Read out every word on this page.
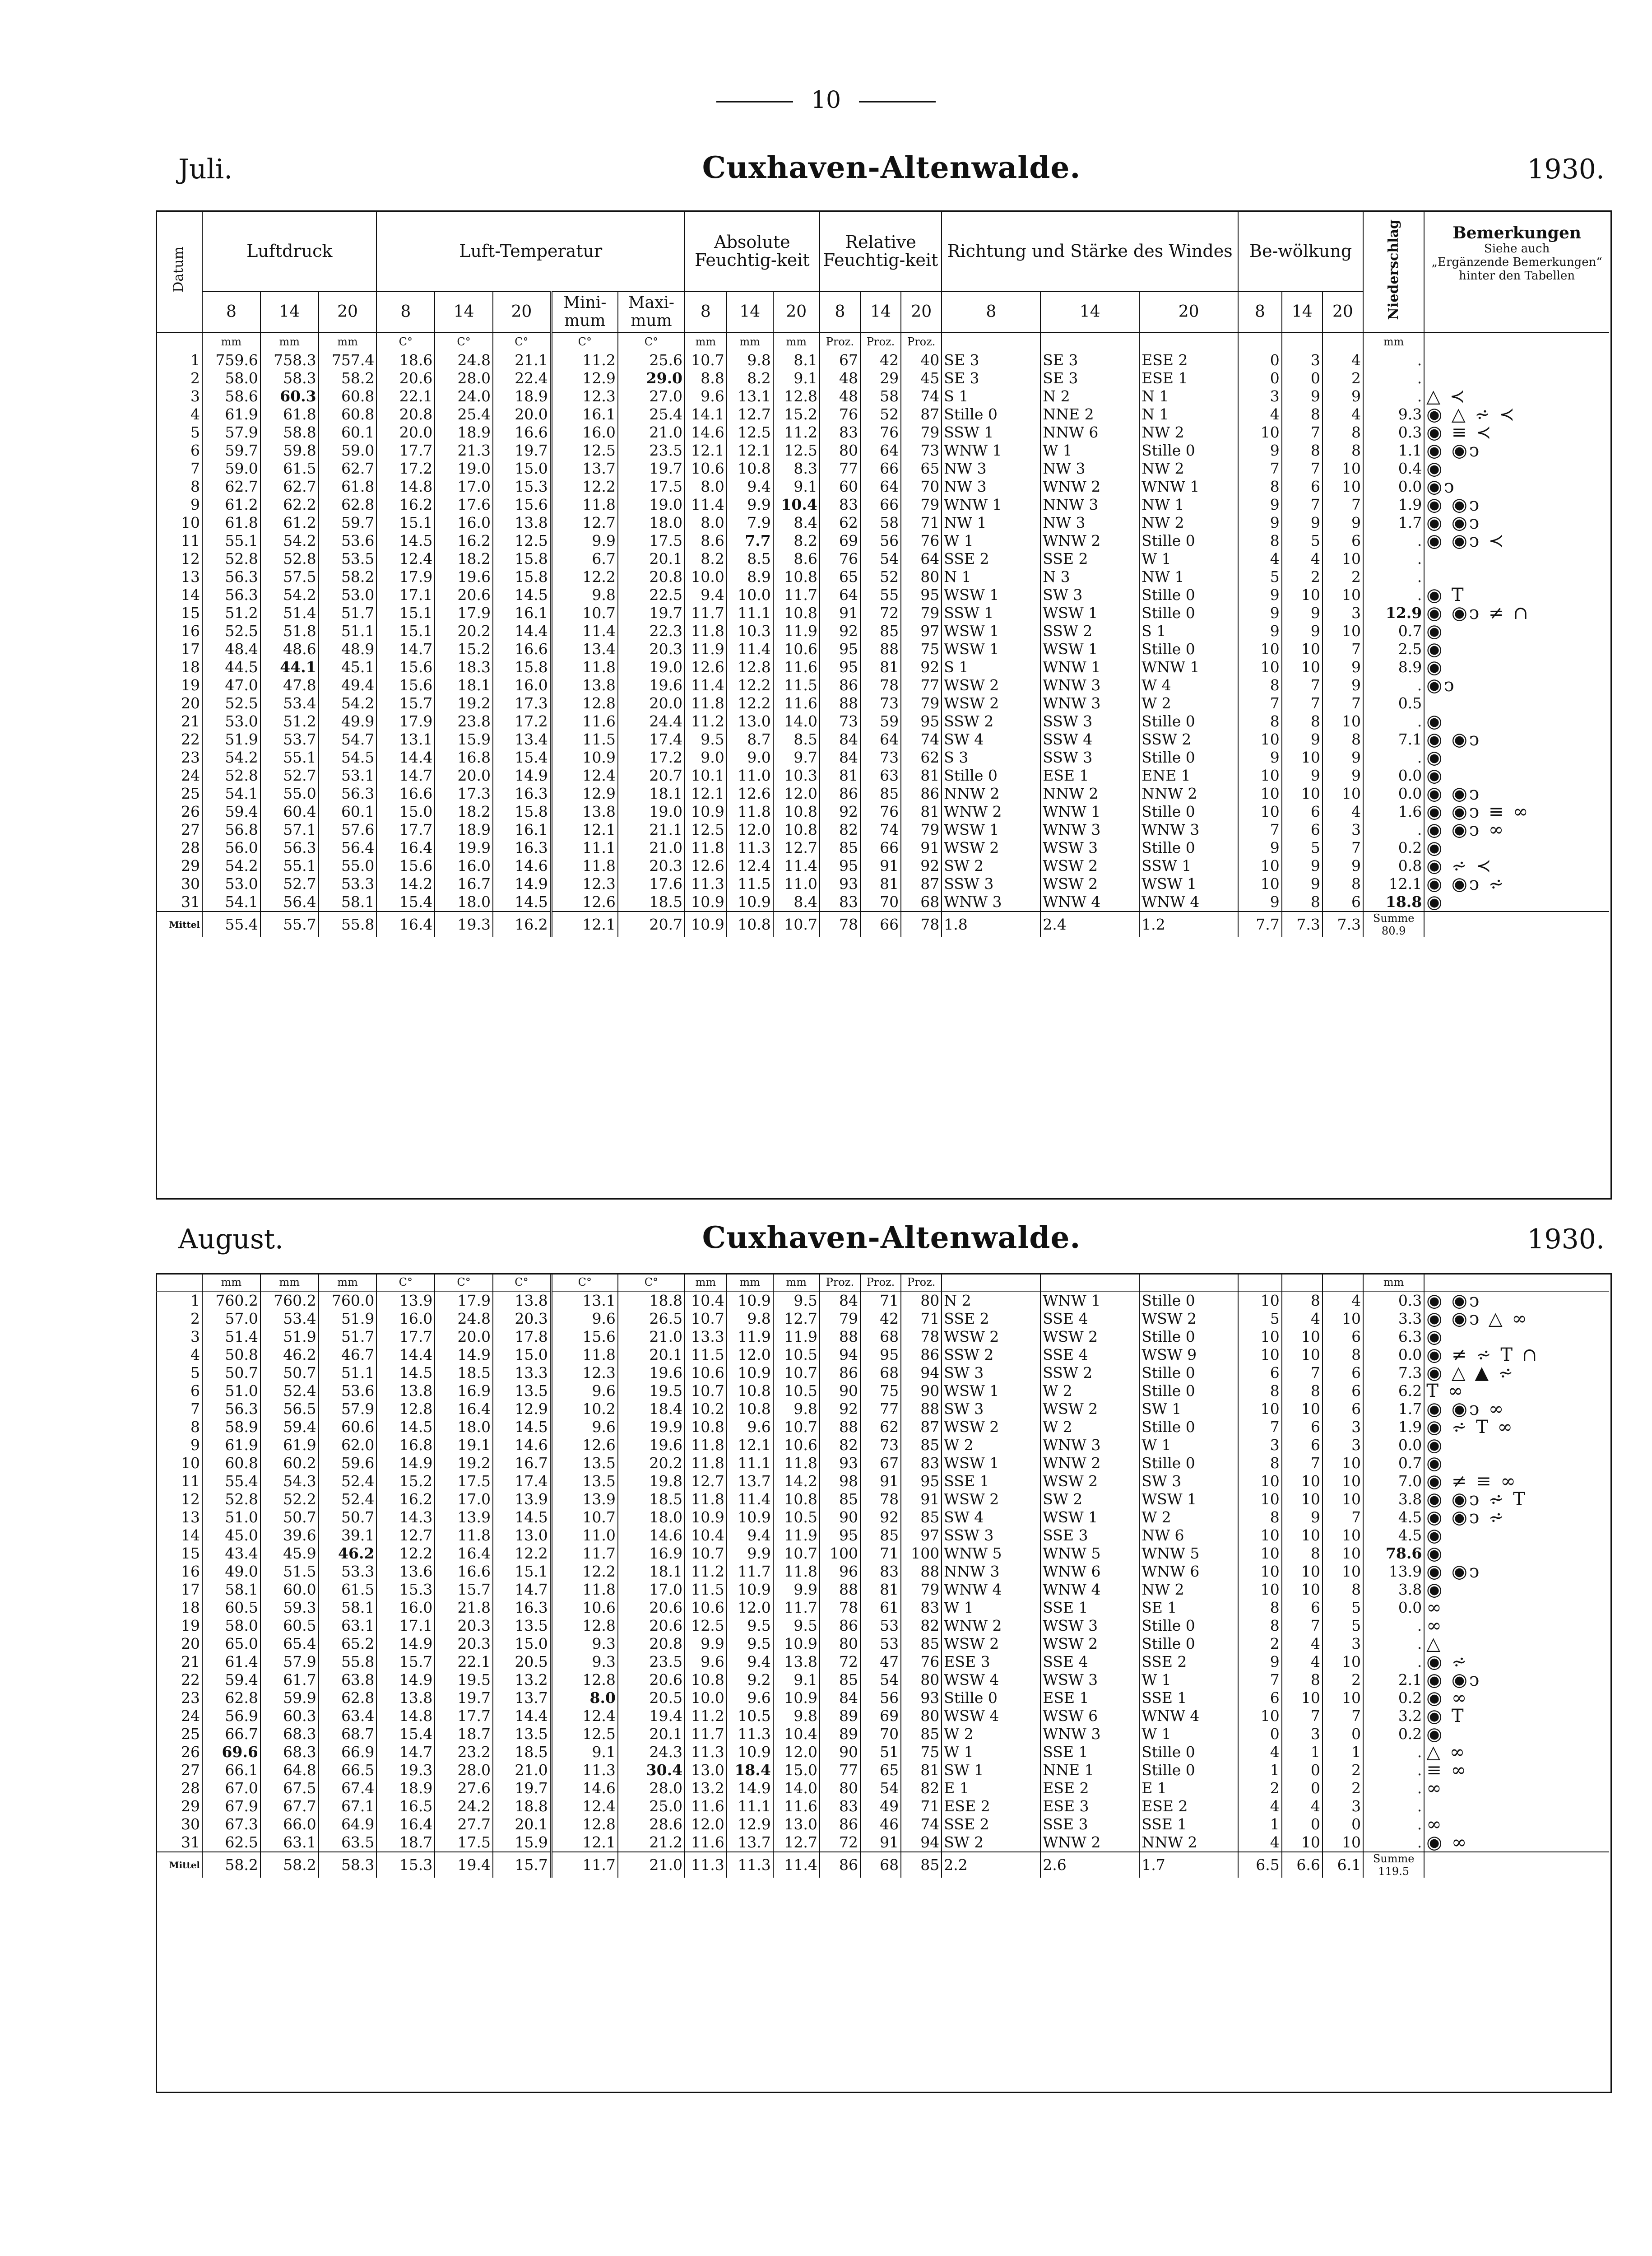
10
Juli.	Cuxhaven-Altenwalde.	1930.
Datum	Luftdruck			Luft-Temperatur					Absolute Feuchtig-keit			Relative Feuchtig-keit			Richtung und Stärke des Windes			Be-wölkung			Niederschlag	Bemerkungen
Siehe auch
„Ergänzende Bemerkungen“
hinter den Tabellen

	8	14	20	8	14	20	Mini-mum	Maxi-mum	8	14	20	8	14	20	8	14	20	8	14	20		
	mm	mm	mm	C°	C°	C°	C°	C°	mm	mm	mm	Proz.	Proz.	Proz.							mm	
1	759.6	758.3	757.4	18.6	24.8	21.1	11.2	25.6	10.7	9.8	8.1	67	42	40	SE 3	SE 3	ESE 2	0	3	4	.	
2	58.0	58.3	58.2	20.6	28.0	22.4	12.9	29.0	8.8	8.2	9.1	48	29	45	SE 3	SE 3	ESE 1	0	0	2	.	
3	58.6	60.3	60.8	22.1	24.0	18.9	12.3	27.0	9.6	13.1	12.8	48	58	74	S 1	N 2	N 1	3	9	9	.	△ ≺
4	61.9	61.8	60.8	20.8	25.4	20.0	16.1	25.4	14.1	12.7	15.2	76	52	87	Stille 0	NNE 2	N 1	4	8	4	9.3	◉ △ ⩫ ≺
5	57.9	58.8	60.1	20.0	18.9	16.6	16.0	21.0	14.6	12.5	11.2	83	76	79	SSW 1	NNW 6	NW 2	10	7	8	0.3	◉ ≡ ≺
6	59.7	59.8	59.0	17.7	21.3	19.7	12.5	23.5	12.1	12.1	12.5	80	64	73	WNW 1	W 1	Stille 0	9	8	8	1.1	◉ ◉ↄ
7	59.0	61.5	62.7	17.2	19.0	15.0	13.7	19.7	10.6	10.8	8.3	77	66	65	NW 3	NW 3	NW 2	7	7	10	0.4	◉
8	62.7	62.7	61.8	14.8	17.0	15.3	12.2	17.5	8.0	9.4	9.1	60	64	70	NW 3	WNW 2	WNW 1	8	6	10	0.0	◉ↄ
9	61.2	62.2	62.8	16.2	17.6	15.6	11.8	19.0	11.4	9.9	10.4	83	66	79	WNW 1	NNW 3	NW 1	9	7	7	1.9	◉ ◉ↄ
10	61.8	61.2	59.7	15.1	16.0	13.8	12.7	18.0	8.0	7.9	8.4	62	58	71	NW 1	NW 3	NW 2	9	9	9	1.7	◉ ◉ↄ
11	55.1	54.2	53.6	14.5	16.2	12.5	9.9	17.5	8.6	7.7	8.2	69	56	76	W 1	WNW 2	Stille 0	8	5	6	.	◉ ◉ↄ ≺
12	52.8	52.8	53.5	12.4	18.2	15.8	6.7	20.1	8.2	8.5	8.6	76	54	64	SSE 2	SSE 2	W 1	4	4	10	.	
13	56.3	57.5	58.2	17.9	19.6	15.8	12.2	20.8	10.0	8.9	10.8	65	52	80	N 1	N 3	NW 1	5	2	2	.	
14	56.3	54.2	53.0	17.1	20.6	14.5	9.8	22.5	9.4	10.0	11.7	64	55	95	WSW 1	SW 3	Stille 0	9	10	10	.	◉ T
15	51.2	51.4	51.7	15.1	17.9	16.1	10.7	19.7	11.7	11.1	10.8	91	72	79	SSW 1	WSW 1	Stille 0	9	9	3	12.9	◉ ◉ↄ ≠ ∩
16	52.5	51.8	51.1	15.1	20.2	14.4	11.4	22.3	11.8	10.3	11.9	92	85	97	WSW 1	SSW 2	S 1	9	9	10	0.7	◉
17	48.4	48.6	48.9	14.7	15.2	16.6	13.4	20.3	11.9	11.4	10.6	95	88	75	WSW 1	WSW 1	Stille 0	10	10	7	2.5	◉
18	44.5	44.1	45.1	15.6	18.3	15.8	11.8	19.0	12.6	12.8	11.6	95	81	92	S 1	WNW 1	WNW 1	10	10	9	8.9	◉
19	47.0	47.8	49.4	15.6	18.1	16.0	13.8	19.6	11.4	12.2	11.5	86	78	77	WSW 2	WNW 3	W 4	8	7	9	.	◉ↄ
20	52.5	53.4	54.2	15.7	19.2	17.3	12.8	20.0	11.8	12.2	11.6	88	73	79	WSW 2	WNW 3	W 2	7	7	7	0.5	
21	53.0	51.2	49.9	17.9	23.8	17.2	11.6	24.4	11.2	13.0	14.0	73	59	95	SSW 2	SSW 3	Stille 0	8	8	10	.	◉
22	51.9	53.7	54.7	13.1	15.9	13.4	11.5	17.4	9.5	8.7	8.5	84	64	74	SW 4	SSW 4	SSW 2	10	9	8	7.1	◉ ◉ↄ
23	54.2	55.1	54.5	14.4	16.8	15.4	10.9	17.2	9.0	9.0	9.7	84	73	62	S 3	SSW 3	Stille 0	9	10	9	.	◉
24	52.8	52.7	53.1	14.7	20.0	14.9	12.4	20.7	10.1	11.0	10.3	81	63	81	Stille 0	ESE 1	ENE 1	10	9	9	0.0	◉
25	54.1	55.0	56.3	16.6	17.3	16.3	12.9	18.1	12.1	12.6	12.0	86	85	86	NNW 2	NNW 2	NNW 2	10	10	10	0.0	◉ ◉ↄ
26	59.4	60.4	60.1	15.0	18.2	15.8	13.8	19.0	10.9	11.8	10.8	92	76	81	WNW 2	WNW 1	Stille 0	10	6	4	1.6	◉ ◉ↄ ≡ ∞
27	56.8	57.1	57.6	17.7	18.9	16.1	12.1	21.1	12.5	12.0	10.8	82	74	79	WSW 1	WNW 3	WNW 3	7	6	3	.	◉ ◉ↄ ∞
28	56.0	56.3	56.4	16.4	19.9	16.3	11.1	21.0	11.8	11.3	12.7	85	66	91	WSW 2	WSW 3	Stille 0	9	5	7	0.2	◉
29	54.2	55.1	55.0	15.6	16.0	14.6	11.8	20.3	12.6	12.4	11.4	95	91	92	SW 2	WSW 2	SSW 1	10	9	9	0.8	◉ ⩫ ≺
30	53.0	52.7	53.3	14.2	16.7	14.9	12.3	17.6	11.3	11.5	11.0	93	81	87	SSW 3	WSW 2	WSW 1	10	9	8	12.1	◉ ◉ↄ ⩫
31	54.1	56.4	58.1	15.4	18.0	14.5	12.6	18.5	10.9	10.9	8.4	83	70	68	WNW 3	WNW 4	WNW 4	9	8	6	18.8	◉
Mittel	55.4	55.7	55.8	16.4	19.3	16.2	12.1	20.7	10.9	10.8	10.7	78	66	78	1.8	2.4	1.2	7.7	7.3	7.3	Summe 80.9	
August.	Cuxhaven-Altenwalde.	1930.
	mm	mm	mm	C°	C°	C°	C°	C°	mm	mm	mm	Proz.	Proz.	Proz.							mm	
1	760.2	760.2	760.0	13.9	17.9	13.8	13.1	18.8	10.4	10.9	9.5	84	71	80	N 2	WNW 1	Stille 0	10	8	4	0.3	◉ ◉ↄ
2	57.0	53.4	51.9	16.0	24.8	20.3	9.6	26.5	10.7	9.8	12.7	79	42	71	SSE 2	SSE 4	WSW 2	5	4	10	3.3	◉ ◉ↄ △ ∞
3	51.4	51.9	51.7	17.7	20.0	17.8	15.6	21.0	13.3	11.9	11.9	88	68	78	WSW 2	WSW 2	Stille 0	10	10	6	6.3	◉
4	50.8	46.2	46.7	14.4	14.9	15.0	11.8	20.1	11.5	12.0	10.5	94	95	86	SSW 2	SSE 4	WSW 9	10	10	8	0.0	◉ ≠ ⩫ T ∩
5	50.7	50.7	51.1	14.5	18.5	13.3	12.3	19.6	10.6	10.9	10.7	86	68	94	SW 3	SSW 2	Stille 0	6	7	6	7.3	◉ △ ▲ ⩫
6	51.0	52.4	53.6	13.8	16.9	13.5	9.6	19.5	10.7	10.8	10.5	90	75	90	WSW 1	W 2	Stille 0	8	8	6	6.2	T ∞
7	56.3	56.5	57.9	12.8	16.4	12.9	10.2	18.4	10.2	10.8	9.8	92	77	88	SW 3	WSW 2	SW 1	10	10	6	1.7	◉ ◉ↄ ∞
8	58.9	59.4	60.6	14.5	18.0	14.5	9.6	19.9	10.8	9.6	10.7	88	62	87	WSW 2	W 2	Stille 0	7	6	3	1.9	◉ ⩫ T ∞
9	61.9	61.9	62.0	16.8	19.1	14.6	12.6	19.6	11.8	12.1	10.6	82	73	85	W 2	WNW 3	W 1	3	6	3	0.0	◉
10	60.8	60.2	59.6	14.9	19.2	16.7	13.5	20.2	11.8	11.1	11.8	93	67	83	WSW 1	WNW 2	Stille 0	8	7	10	0.7	◉
11	55.4	54.3	52.4	15.2	17.5	17.4	13.5	19.8	12.7	13.7	14.2	98	91	95	SSE 1	WSW 2	SW 3	10	10	10	7.0	◉ ≠ ≡ ∞
12	52.8	52.2	52.4	16.2	17.0	13.9	13.9	18.5	11.8	11.4	10.8	85	78	91	WSW 2	SW 2	WSW 1	10	10	10	3.8	◉ ◉ↄ ⩫ T
13	51.0	50.7	50.7	14.3	13.9	14.5	10.7	18.0	10.9	10.9	10.5	90	92	85	SW 4	WSW 1	W 2	8	9	7	4.5	◉ ◉ↄ ⩫
14	45.0	39.6	39.1	12.7	11.8	13.0	11.0	14.6	10.4	9.4	11.9	95	85	97	SSW 3	SSE 3	NW 6	10	10	10	4.5	◉
15	43.4	45.9	46.2	12.2	16.4	12.2	11.7	16.9	10.7	9.9	10.7	100	71	100	WNW 5	WNW 5	WNW 5	10	8	10	78.6	◉
16	49.0	51.5	53.3	13.6	16.6	15.1	12.2	18.1	11.2	11.7	11.8	96	83	88	NNW 3	WNW 6	WNW 6	10	10	10	13.9	◉ ◉ↄ
17	58.1	60.0	61.5	15.3	15.7	14.7	11.8	17.0	11.5	10.9	9.9	88	81	79	WNW 4	WNW 4	NW 2	10	10	8	3.8	◉
18	60.5	59.3	58.1	16.0	21.8	16.3	10.6	20.6	10.6	12.0	11.7	78	61	83	W 1	SSE 1	SE 1	8	6	5	0.0	∞
19	58.0	60.5	63.1	17.1	20.3	13.5	12.8	20.6	12.5	9.5	9.5	86	53	82	WNW 2	WSW 3	Stille 0	8	7	5	.	∞
20	65.0	65.4	65.2	14.9	20.3	15.0	9.3	20.8	9.9	9.5	10.9	80	53	85	WSW 2	WSW 2	Stille 0	2	4	3	.	△
21	61.4	57.9	55.8	15.7	22.1	20.5	9.3	23.5	9.6	9.4	13.8	72	47	76	ESE 3	SSE 4	SSE 2	9	4	10	.	◉ ⩫
22	59.4	61.7	63.8	14.9	19.5	13.2	12.8	20.6	10.8	9.2	9.1	85	54	80	WSW 4	WSW 3	W 1	7	8	2	2.1	◉ ◉ↄ
23	62.8	59.9	62.8	13.8	19.7	13.7	8.0	20.5	10.0	9.6	10.9	84	56	93	Stille 0	ESE 1	SSE 1	6	10	10	0.2	◉ ∞
24	56.9	60.3	63.4	14.8	17.7	14.4	12.4	19.4	11.2	10.5	9.8	89	69	80	WSW 4	WSW 6	WNW 4	10	7	7	3.2	◉ T
25	66.7	68.3	68.7	15.4	18.7	13.5	12.5	20.1	11.7	11.3	10.4	89	70	85	W 2	WNW 3	W 1	0	3	0	0.2	◉
26	69.6	68.3	66.9	14.7	23.2	18.5	9.1	24.3	11.3	10.9	12.0	90	51	75	W 1	SSE 1	Stille 0	4	1	1	.	△ ∞
27	66.1	64.8	66.5	19.3	28.0	21.0	11.3	30.4	13.0	18.4	15.0	77	65	81	SW 1	NNE 1	Stille 0	1	0	2	.	≡ ∞
28	67.0	67.5	67.4	18.9	27.6	19.7	14.6	28.0	13.2	14.9	14.0	80	54	82	E 1	ESE 2	E 1	2	0	2	.	∞
29	67.9	67.7	67.1	16.5	24.2	18.8	12.4	25.0	11.6	11.1	11.6	83	49	71	ESE 2	ESE 3	ESE 2	4	4	3	.	
30	67.3	66.0	64.9	16.4	27.7	20.1	12.8	28.6	12.0	12.9	13.0	86	46	74	SSE 2	SSE 3	SSE 1	1	0	0	.	∞
31	62.5	63.1	63.5	18.7	17.5	15.9	12.1	21.2	11.6	13.7	12.7	72	91	94	SW 2	WNW 2	NNW 2	4	10	10	.	◉ ∞
Mittel	58.2	58.2	58.3	15.3	19.4	15.7	11.7	21.0	11.3	11.3	11.4	86	68	85	2.2	2.6	1.7	6.5	6.6	6.1	Summe 119.5	
